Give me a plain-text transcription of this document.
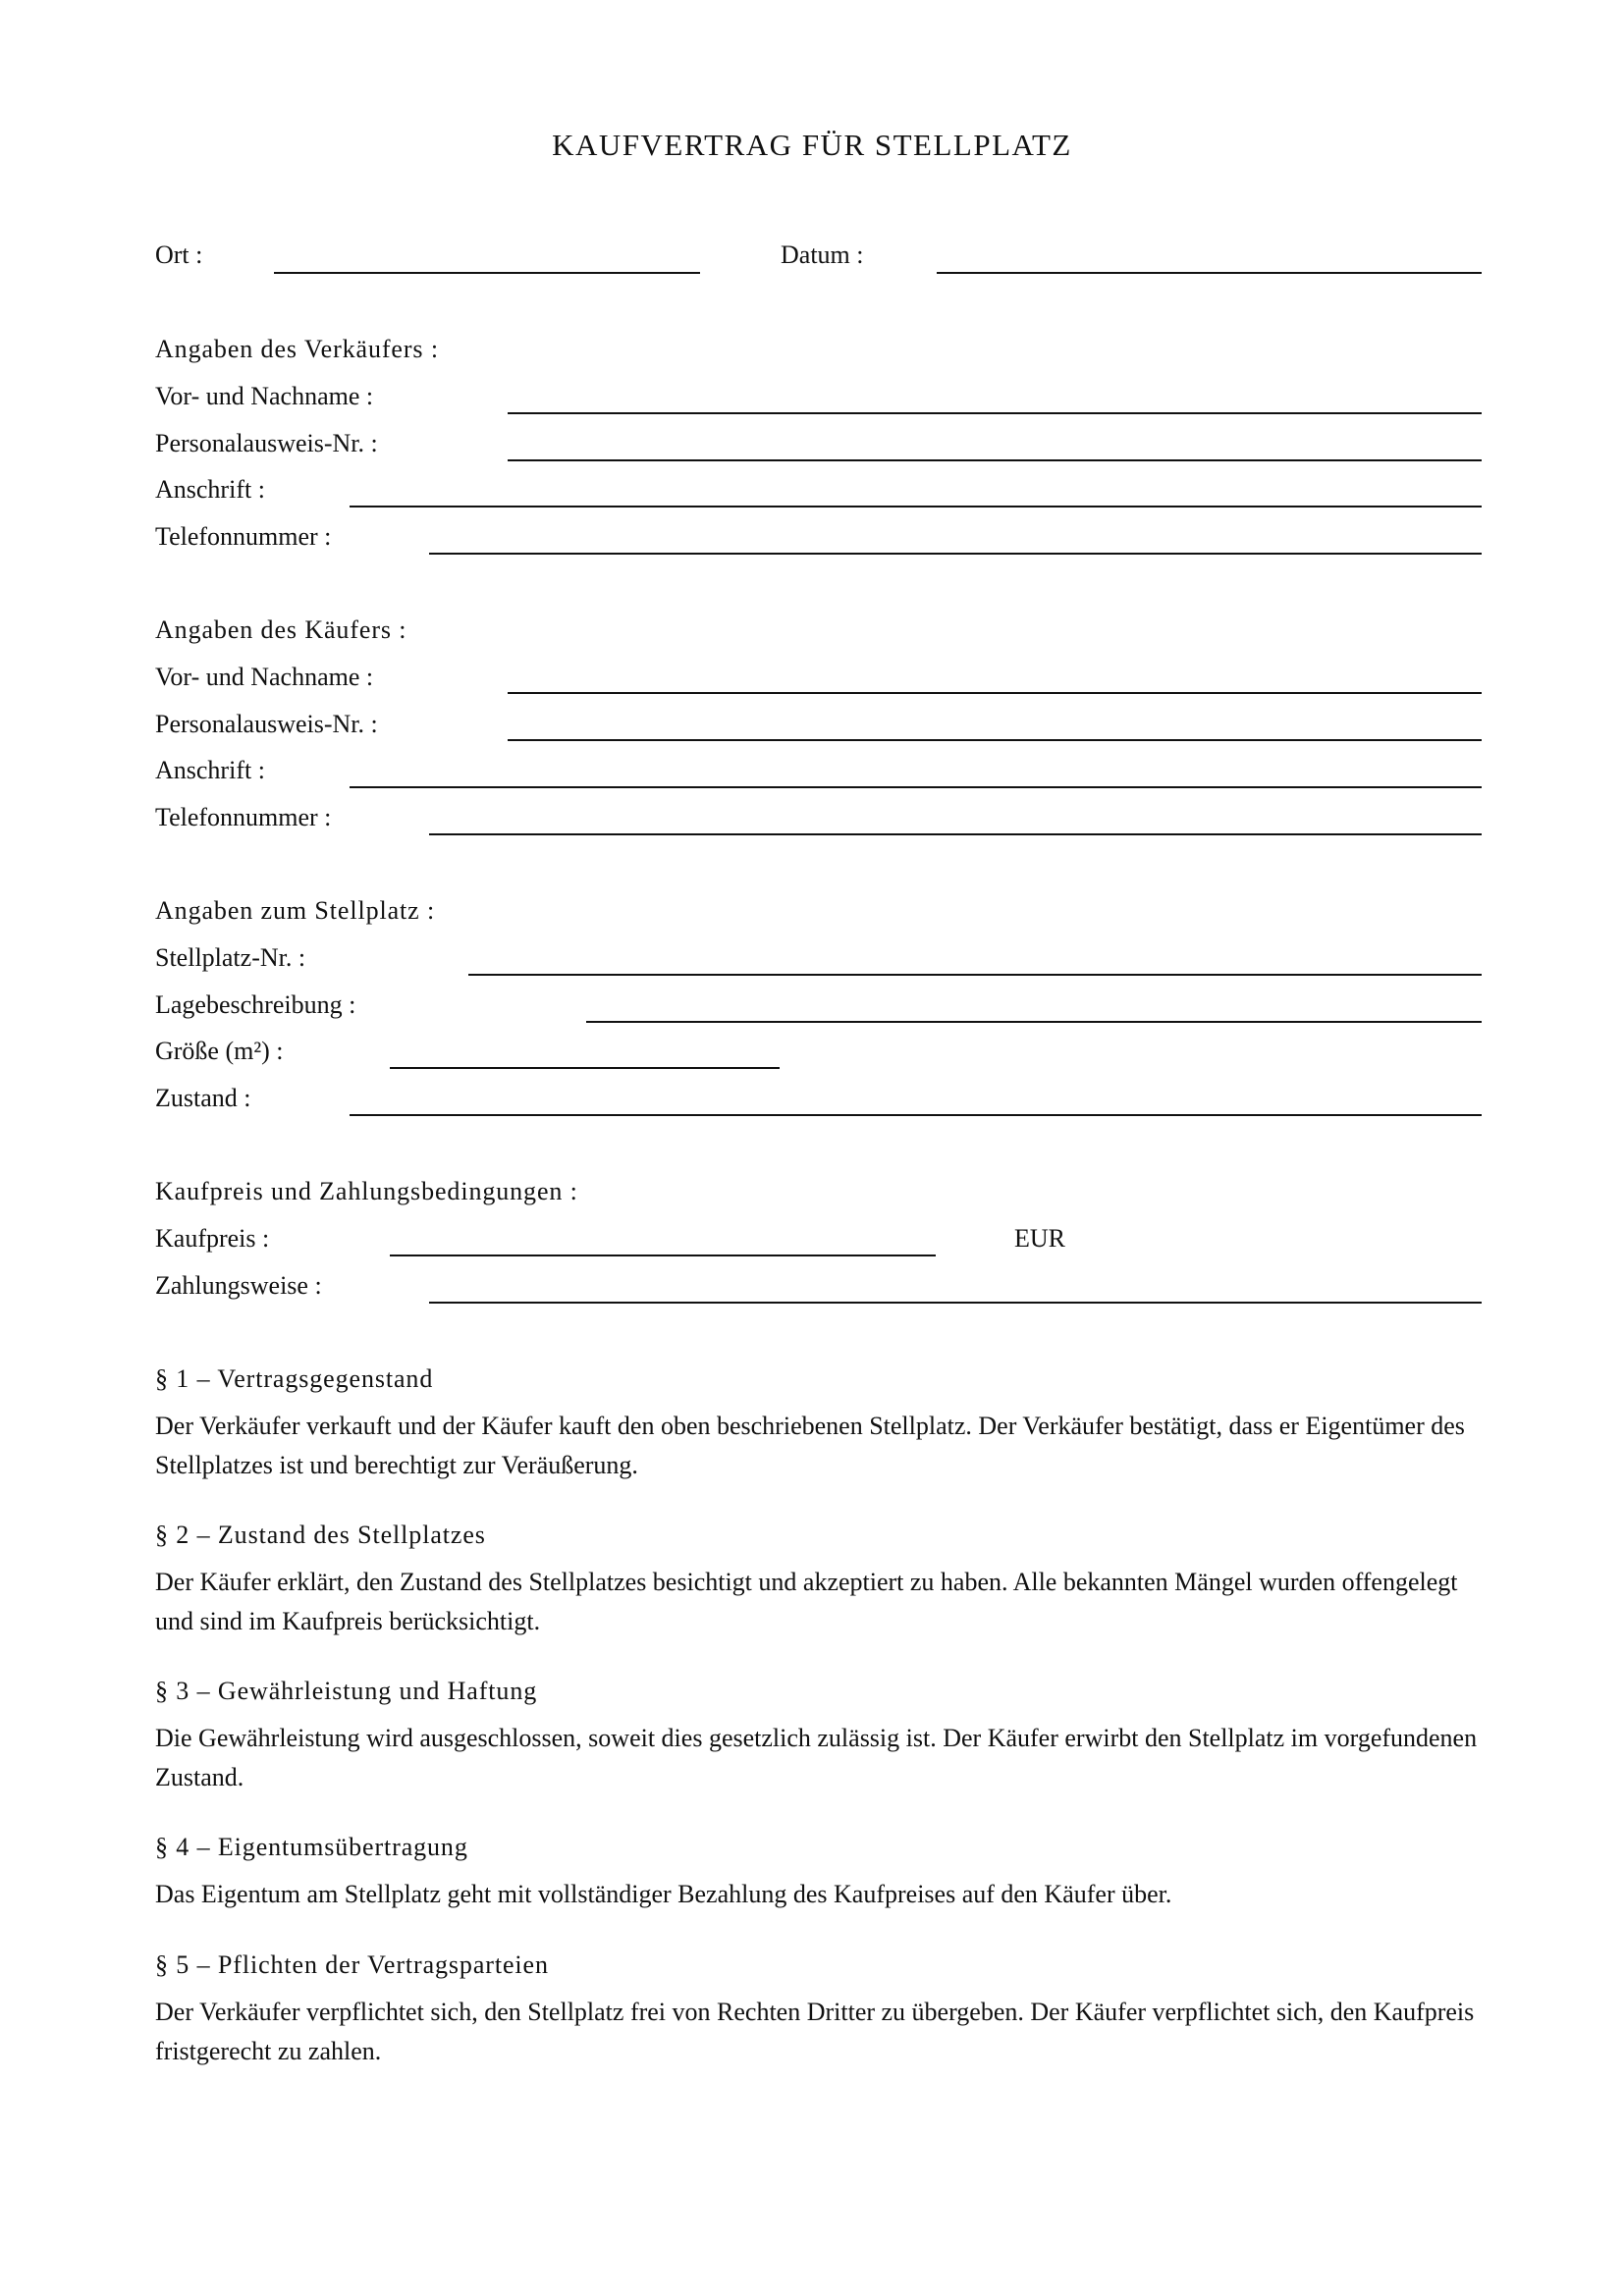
KAUFVERTRAG FÜR STELLPLATZ
Ort :	Datum :
Angaben des Verkäufers :
Vor- und Nachname :
Personalausweis-Nr. :
Anschrift :
Telefonnummer :
Angaben des Käufers :
Vor- und Nachname :
Personalausweis-Nr. :
Anschrift :
Telefonnummer :
Angaben zum Stellplatz :
Stellplatz-Nr. :
Lagebeschreibung :
Größe (m²) :
Zustand :
Kaufpreis und Zahlungsbedingungen :
Kaufpreis :	EUR
Zahlungsweise :
§ 1 – Vertragsgegenstand
Der Verkäufer verkauft und der Käufer kauft den oben beschriebenen Stellplatz. Der Verkäufer bestätigt, dass er Eigentümer des Stellplatzes ist und berechtigt zur Veräußerung.
§ 2 – Zustand des Stellplatzes
Der Käufer erklärt, den Zustand des Stellplatzes besichtigt und akzeptiert zu haben. Alle bekannten Mängel wurden offengelegt und sind im Kaufpreis berücksichtigt.
§ 3 – Gewährleistung und Haftung
Die Gewährleistung wird ausgeschlossen, soweit dies gesetzlich zulässig ist. Der Käufer erwirbt den Stellplatz im vorgefundenen Zustand.
§ 4 – Eigentumsübertragung
Das Eigentum am Stellplatz geht mit vollständiger Bezahlung des Kaufpreises auf den Käufer über.
§ 5 – Pflichten der Vertragsparteien
Der Verkäufer verpflichtet sich, den Stellplatz frei von Rechten Dritter zu übergeben. Der Käufer verpflichtet sich, den Kaufpreis fristgerecht zu zahlen.
